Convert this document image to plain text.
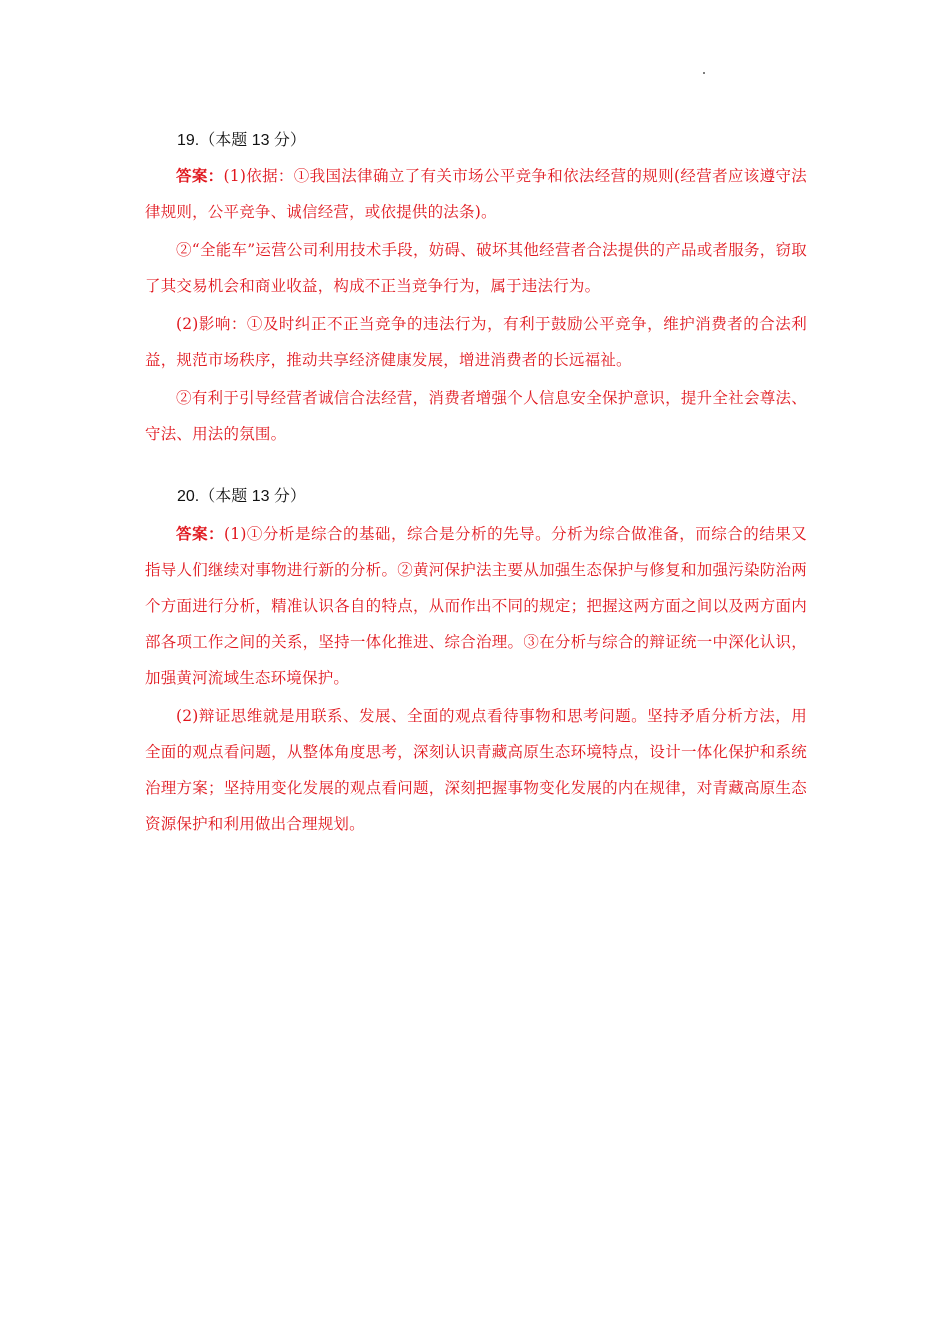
19.（本题 13 分）

答案：(1)依据：①我国法律确立了有关市场公平竞争和依法经营的规则(经营者应该遵守法律规则，公平竞争、诚信经营，或依提供的法条)。

②“全能车”运营公司利用技术手段，妨碍、破坏其他经营者合法提供的产品或者服务，窃取了其交易机会和商业收益，构成不正当竞争行为，属于违法行为。

(2)影响：①及时纠正不正当竞争的违法行为，有利于鼓励公平竞争，维护消费者的合法利益，规范市场秩序，推动共享经济健康发展，增进消费者的长远福祉。

②有利于引导经营者诚信合法经营，消费者增强个人信息安全保护意识，提升全社会尊法、守法、用法的氛围。

20.（本题 13 分）

答案：(1)①分析是综合的基础，综合是分析的先导。分析为综合做准备，而综合的结果又指导人们继续对事物进行新的分析。②黄河保护法主要从加强生态保护与修复和加强污染防治两个方面进行分析，精准认识各自的特点，从而作出不同的规定；把握这两方面之间以及两方面内部各项工作之间的关系，坚持一体化推进、综合治理。③在分析与综合的辩证统一中深化认识，加强黄河流域生态环境保护。

(2)辩证思维就是用联系、发展、全面的观点看待事物和思考问题。坚持矛盾分析方法，用全面的观点看问题，从整体角度思考，深刻认识青藏高原生态环境特点，设计一体化保护和系统治理方案；坚持用变化发展的观点看问题，深刻把握事物变化发展的内在规律，对青藏高原生态资源保护和利用做出合理规划。
